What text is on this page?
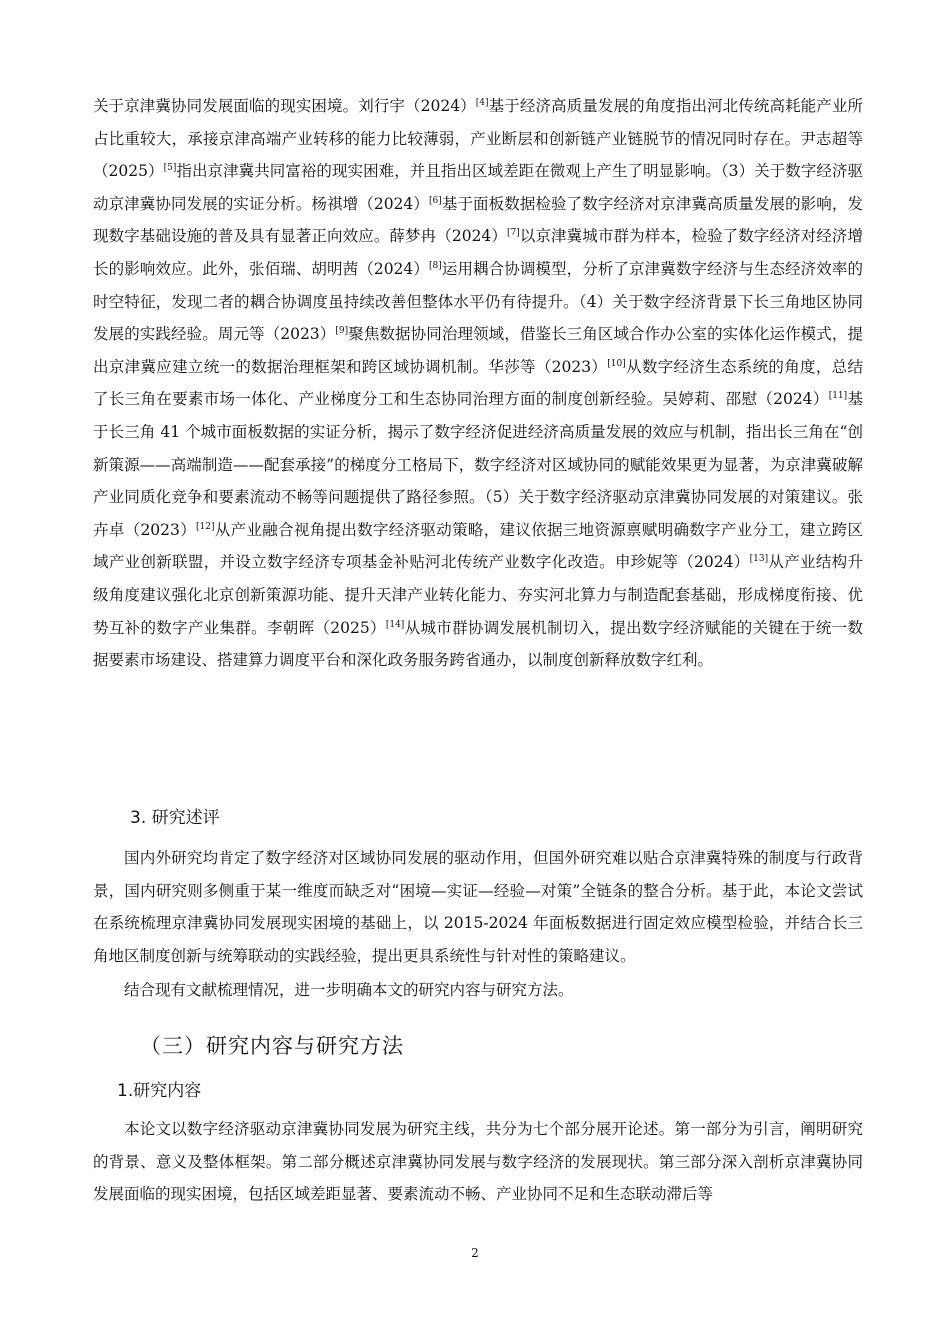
关于京津冀协同发展面临的现实困境。刘行宇（2024）[4]基于经济高质量发展的角度指出河北传统高耗能产业所占比重较大，承接京津高端产业转移的能力比较薄弱，产业断层和创新链产业链脱节的情况同时存在。尹志超等（2025）[5]指出京津冀共同富裕的现实困难，并且指出区域差距在微观上产生了明显影响。（3）关于数字经济驱动京津冀协同发展的实证分析。杨祺增（2024）[6]基于面板数据检验了数字经济对京津冀高质量发展的影响，发现数字基础设施的普及具有显著正向效应。薛梦冉（2024）[7]以京津冀城市群为样本，检验了数字经济对经济增长的影响效应。此外，张佰瑞、胡明茜（2024）[8]运用耦合协调模型，分析了京津冀数字经济与生态经济效率的时空特征，发现二者的耦合协调度虽持续改善但整体水平仍有待提升。（4）关于数字经济背景下长三角地区协同发展的实践经验。周元等（2023）[9]聚焦数据协同治理领域，借鉴长三角区域合作办公室的实体化运作模式，提出京津冀应建立统一的数据治理框架和跨区域协调机制。华莎等（2023）[10]从数字经济生态系统的角度，总结了长三角在要素市场一体化、产业梯度分工和生态协同治理方面的制度创新经验。吴婷莉、邵慰（2024）[11]基于长三角 41 个城市面板数据的实证分析，揭示了数字经济促进经济高质量发展的效应与机制，指出长三角在“创新策源——高端制造——配套承接”的梯度分工格局下，数字经济对区域协同的赋能效果更为显著，为京津冀破解产业同质化竞争和要素流动不畅等问题提供了路径参照。（5）关于数字经济驱动京津冀协同发展的对策建议。张卉卓（2023）[12]从产业融合视角提出数字经济驱动策略，建议依据三地资源禀赋明确数字产业分工，建立跨区域产业创新联盟，并设立数字经济专项基金补贴河北传统产业数字化改造。申珍妮等（2024）[13]从产业结构升级角度建议强化北京创新策源功能、提升天津产业转化能力、夯实河北算力与制造配套基础，形成梯度衔接、优势互补的数字产业集群。李朝晖（2025）[14]从城市群协调发展机制切入，提出数字经济赋能的关键在于统一数据要素市场建设、搭建算力调度平台和深化政务服务跨省通办，以制度创新释放数字红利。

3. 研究述评

国内外研究均肯定了数字经济对区域协同发展的驱动作用，但国外研究难以贴合京津冀特殊的制度与行政背景，国内研究则多侧重于某一维度而缺乏对“困境—实证—经验—对策”全链条的整合分析。基于此，本论文尝试在系统梳理京津冀协同发展现实困境的基础上，以 2015-2024 年面板数据进行固定效应模型检验，并结合长三角地区制度创新与统筹联动的实践经验，提出更具系统性与针对性的策略建议。

结合现有文献梳理情况，进一步明确本文的研究内容与研究方法。

（三）研究内容与研究方法
1.研究内容

本论文以数字经济驱动京津冀协同发展为研究主线，共分为七个部分展开论述。第一部分为引言，阐明研究的背景、意义及整体框架。第二部分概述京津冀协同发展与数字经济的发展现状。第三部分深入剖析京津冀协同发展面临的现实困境，包括区域差距显著、要素流动不畅、产业协同不足和生态联动滞后等

2
